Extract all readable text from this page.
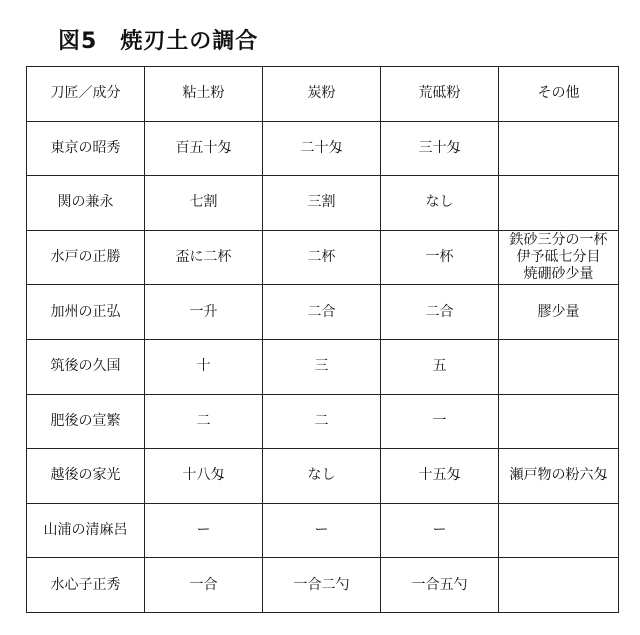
図5　焼刃土の調合
刀匠／成分	粘土粉	炭粉	荒砥粉	その他
東京の昭秀	百五十匁	二十匁	三十匁	
関の兼永	七割	三割	なし	
水戸の正勝	盃に二杯	二杯	一杯	鉄砂三分の一杯
伊予砥七分目
焼硼砂少量
加州の正弘	一升	二合	二合	膠少量
筑後の久国	十	三	五	
肥後の宣繁	二	二	一	
越後の家光	十八匁	なし	十五匁	瀬戸物の粉六匁
山浦の清麻呂	ー	ー	ー	
水心子正秀	一合	一合二勺	一合五勺	
